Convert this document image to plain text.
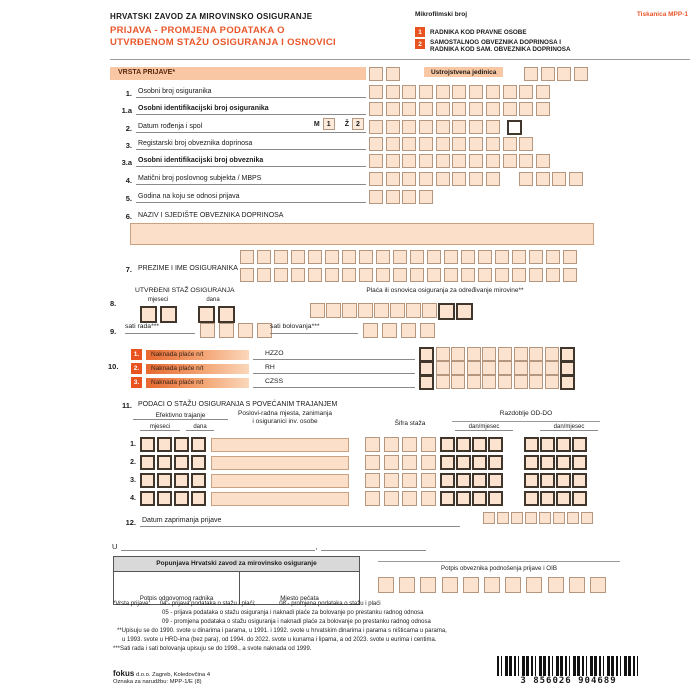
HRVATSKI ZAVOD ZA MIROVINSKO OSIGURANJE
PRIJAVA - PROMJENA PODATAKA O
UTVRĐENOM STAŽU OSIGURANJA I OSNOVICI
Mikrofilmski broj	Tiskanica MPP-1
1	RADNIKA KOD PRAVNE OSOBE
2	SAMOSTALNOG OBVEZNIKA DOPRINOSA I
RADNIKA KOD SAM. OBVEZNIKA DOPRINOSA
VRSTA PRIJAVE*	Ustrojstvena jedinica
1. Osobni broj osiguranika
1.a Osobni identifikacijski broj osiguranika
2. Datum rođenja i spol	M	1	Ž	2
3. Registarski broj obveznika doprinosa
3.a Osobni identifikacijski broj obveznika
4. Matični broj poslovnog subjekta / MBPS
5. Godina na koju se odnosi prijava
6. NAZIV I SJEDIŠTE OBVEZNIKA DOPRINOSA
7. PREZIME I IME OSIGURANIKA
UTVRĐENI STAŽ OSIGURANJA
8.	mjeseci	dana
Plaća ili osnovica osiguranja za određivanje mirovine**
9.
sati rada***	sati bolovanja***
10.
1.	Naknada plaće n/t	HZZO
2.	Naknada plaće n/t	RH
3.	Naknada plaće n/t	CZSS
11. PODACI O STAŽU OSIGURANJA S POVEĆANIM TRAJANJEM
Efektivno trajanje
mjeseci	dana
Poslovi-radna mjesta, zanimanja
i osiguranici inv. osobe	Šifra staža
Razdoblje OD-DO
dan/mjesec	dan/mjesec
1.
2.
3.
4.
12. Datum zaprimanja prijave
U
	,

Popunjava Hrvatski zavod za mirovinsko osiguranje
Potpis odgovornog radnika	Mjesto pečata
Potpis obveznika podnošenja prijave i OIB
*Vrsta prijave: 04 - prijava podataka o stažu i plaći;	08 - promjena podataka o stažu i plaći
05 - prijava podataka o stažu osiguranja i naknadi plaće za bolovanje po prestanku radnog odnosa
09 - promjena podataka o stažu osiguranja i naknadi plaće za bolovanje po prestanku radnog odnosa
**Upisuju se do 1990. svote u dinarima i parama, u 1991. i 1992. svote u hrvatskim dinarima i parama s ništicama u parama,
u 1993. svote u HRD-ima (bez para), od 1994. do 2022. svote u kunama i lipama, a od 2023. svote u eurima i centima.
***Sati rada i sati bolovanja upisuju se do 1998., a svote naknada od 1999.
fokus d.o.o. Zagreb, Koledovčina 4
Oznaka za narudžbu: MPP-1/E (8)	3 856026 904689
